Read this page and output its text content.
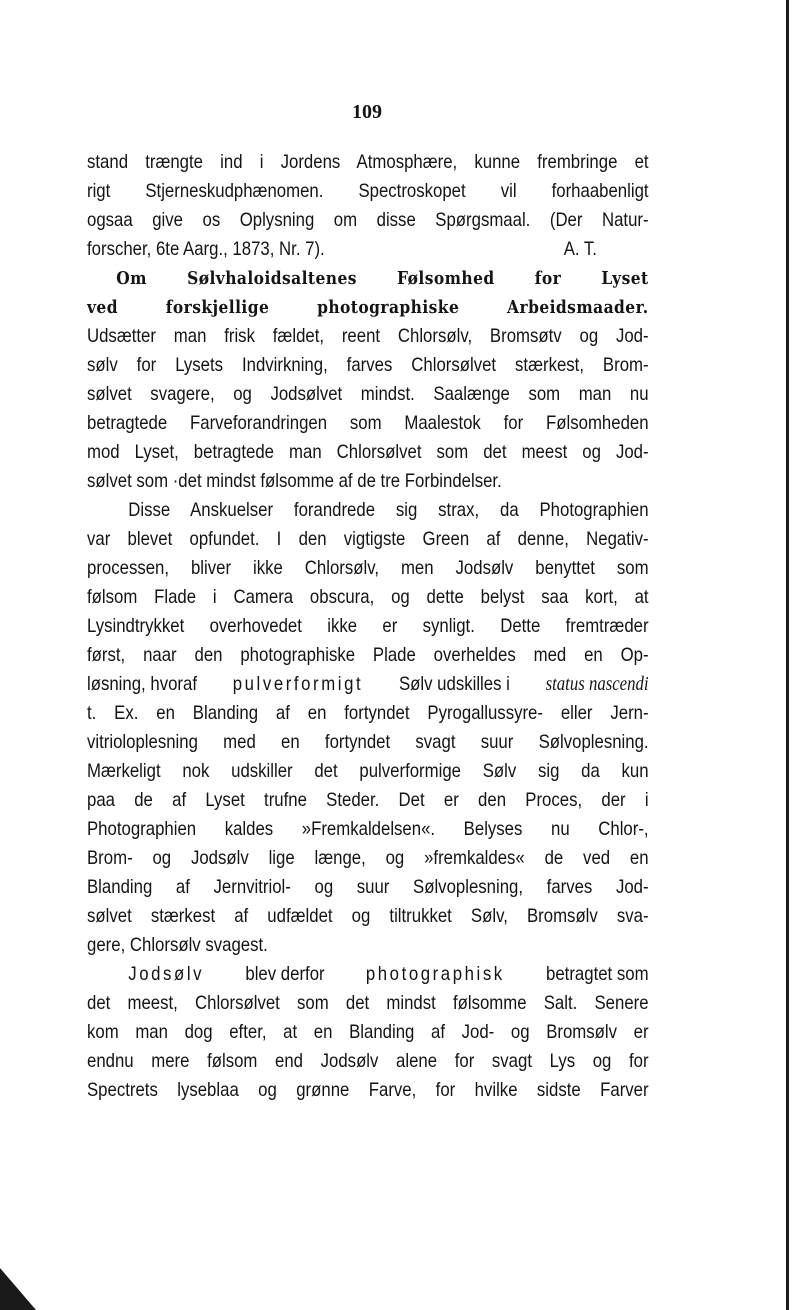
109
stand trængte ind i Jordens Atmosphære, kunne frembringe et
rigt Stjerneskudphænomen. Spectroskopet vil forhaabenligt
ogsaa give os Oplysning om disse Spørgsmaal. (Der Natur-
forscher, 6te Aarg., 1873, Nr. 7).	A. T.
Om Sølvhaloidsaltenes Følsomhed for Lyset
ved forskjellige photographiske Arbeidsmaader.
Udsætter man frisk fældet, reent Chlorsølv, Bromsøtv og Jod-
sølv for Lysets Indvirkning, farves Chlorsølvet stærkest, Brom-
sølvet svagere, og Jodsølvet mindst. Saalænge som man nu
betragtede Farveforandringen som Maalestok for Følsomheden
mod Lyset, betragtede man Chlorsølvet som det meest og Jod-
sølvet som ·det mindst følsomme af de tre Forbindelser.
Disse Anskuelser forandrede sig strax, da Photographien
var blevet opfundet. I den vigtigste Green af denne, Negativ-
processen, bliver ikke Chlorsølv, men Jodsølv benyttet som
følsom Flade i Camera obscura, og dette belyst saa kort, at
Lysindtrykket overhovedet ikke er synligt. Dette fremtræder
først, naar den photographiske Plade overheldes med en Op-
løsning, hvoraf pulverformigt Sølv udskilles i status nascendi
t. Ex. en Blanding af en fortyndet Pyrogallussyre- eller Jern-
vitrioloplesning med en fortyndet svagt suur Sølvoplesning.
Mærkeligt nok udskiller det pulverformige Sølv sig da kun
paa de af Lyset trufne Steder. Det er den Proces, der i
Photographien kaldes »Fremkaldelsen«. Belyses nu Chlor-,
Brom- og Jodsølv lige længe, og »fremkaldes« de ved en
Blanding af Jernvitriol- og suur Sølvoplesning, farves Jod-
sølvet stærkest af udfældet og tiltrukket Sølv, Bromsølv sva-
gere, Chlorsølv svagest.
Jodsølv blev derfor photographisk betragtet som
det meest, Chlorsølvet som det mindst følsomme Salt. Senere
kom man dog efter, at en Blanding af Jod- og Bromsølv er
endnu mere følsom end Jodsølv alene for svagt Lys og for
Spectrets lyseblaa og grønne Farve, for hvilke sidste Farver
